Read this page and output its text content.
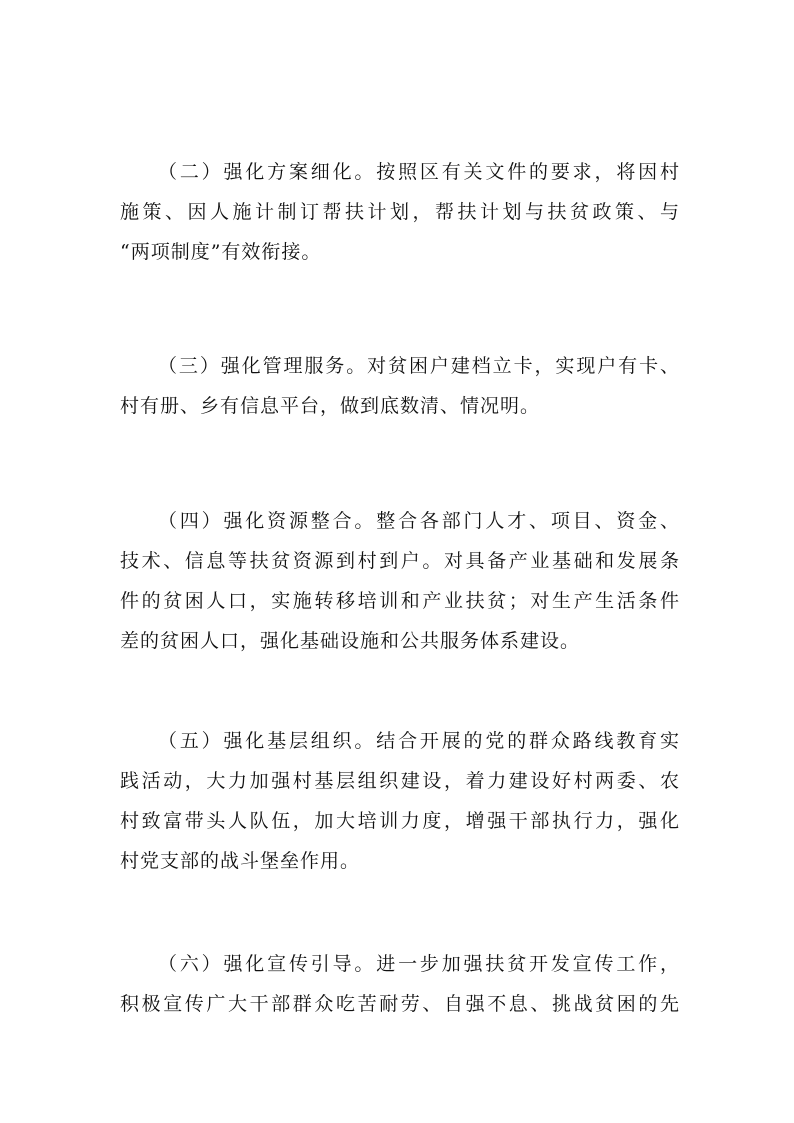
（二）强化方案细化。按照区有关文件的要求，将因村
施策、因人施计制订帮扶计划，帮扶计划与扶贫政策、与
“两项制度”有效衔接。
（三）强化管理服务。对贫困户建档立卡，实现户有卡、
村有册、乡有信息平台，做到底数清、情况明。
（四）强化资源整合。整合各部门人才、项目、资金、
技术、信息等扶贫资源到村到户。对具备产业基础和发展条
件的贫困人口，实施转移培训和产业扶贫；对生产生活条件
差的贫困人口，强化基础设施和公共服务体系建设。
（五）强化基层组织。结合开展的党的群众路线教育实
践活动，大力加强村基层组织建设，着力建设好村两委、农
村致富带头人队伍，加大培训力度，增强干部执行力，强化
村党支部的战斗堡垒作用。
（六）强化宣传引导。进一步加强扶贫开发宣传工作，
积极宣传广大干部群众吃苦耐劳、自强不息、挑战贫困的先
